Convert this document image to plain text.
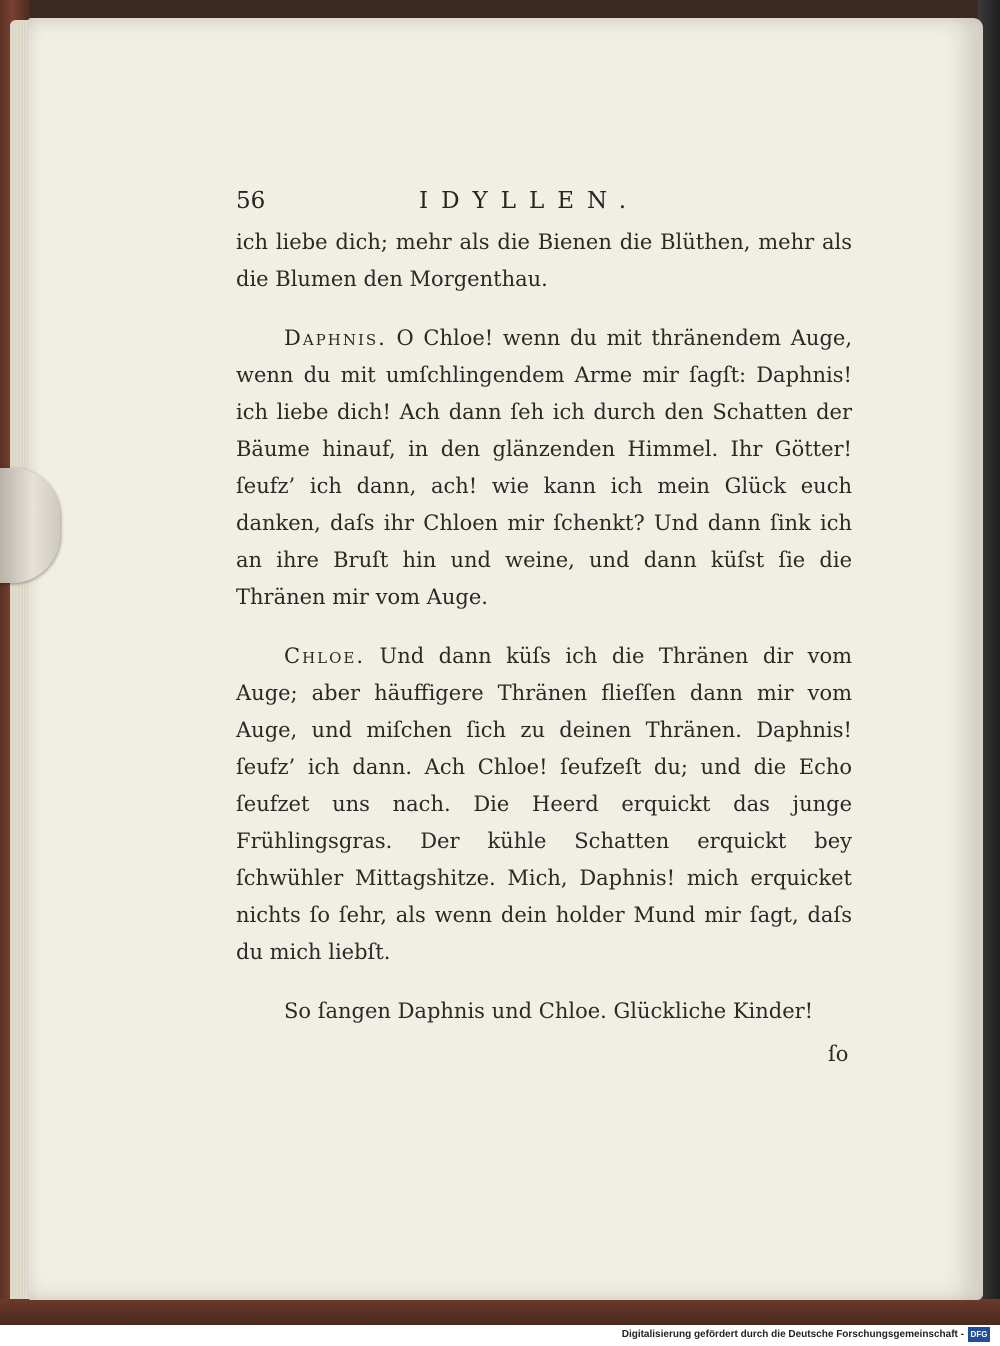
56	IDYLLEN.

ich liebe dich; mehr als die Bienen die Blüthen, mehr als die Blumen den Morgenthau.

Daphnis. O Chloe! wenn du mit thränendem Auge, wenn du mit umſchlingendem Arme mir ſagſt: Daphnis! ich liebe dich! Ach dann ſeh ich durch den Schatten der Bäume hinauf, in den glänzenden Himmel. Ihr Götter! ſeufz’ ich dann, ach! wie kann ich mein Glück euch danken, daſs ihr Chloen mir ſchenkt? Und dann ſink ich an ihre Bruſt hin und weine, und dann küſst ſie die Thränen mir vom Auge.

Chloe. Und dann küſs ich die Thränen dir vom Auge; aber häuffigere Thränen flieſſen dann mir vom Auge, und miſchen ſich zu deinen Thränen. Daphnis! ſeufz’ ich dann. Ach Chloe! ſeufzeſt du; und die Echo ſeufzet uns nach. Die Heerd erquickt das junge Frühlingsgras. Der kühle Schatten erquickt bey ſchwühler Mittagshitze. Mich, Daphnis! mich erquicket nichts ſo ſehr, als wenn dein holder Mund mir ſagt, daſs du mich liebſt.

So ſangen Daphnis und Chloe. Glückliche Kinder!

ſo
Digitalisierung gefördert durch die Deutsche Forschungsgemeinschaft - DFG
